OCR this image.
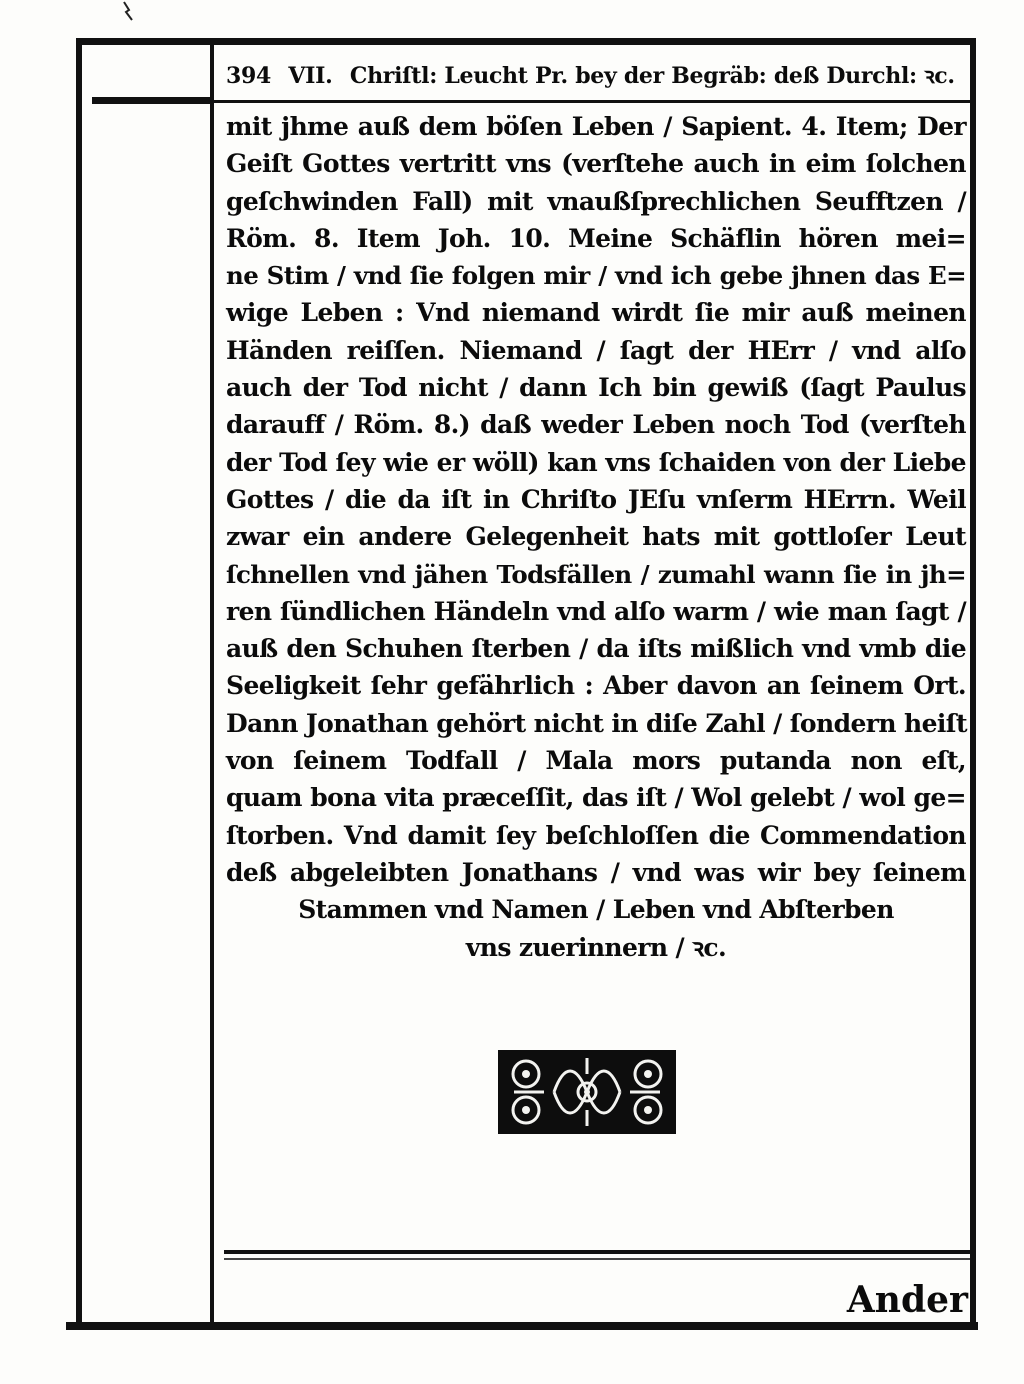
394 VII. Chriſtl: Leucht Pr. bey der Begräb: deß Durchl: ꝛc.
mit jhme auß dem böſen Leben / Sapient. 4. Item; Der
Geiſt Gottes vertritt vns (verſtehe auch in eim ſolchen
geſchwinden Fall) mit vnaußſprechlichen Seufftzen /
Röm. 8. Item Joh. 10. Meine Schäflin hören mei=
ne Stim / vnd ſie folgen mir / vnd ich gebe jhnen das E=
wige Leben : Vnd niemand wirdt ſie mir auß meinen
Händen reiſſen. Niemand / ſagt der HErr / vnd alſo
auch der Tod nicht / dann Ich bin gewiß (ſagt Paulus
darauff / Röm. 8.) daß weder Leben noch Tod (verſteh
der Tod ſey wie er wöll) kan vns ſchaiden von der Liebe
Gottes / die da iſt in Chriſto JEſu vnſerm HErrn. Weil
zwar ein andere Gelegenheit hats mit gottloſer Leut
ſchnellen vnd jähen Todsfällen / zumahl wann ſie in jh=
ren ſündlichen Händeln vnd alſo warm / wie man ſagt /
auß den Schuhen ſterben / da iſts mißlich vnd vmb die
Seeligkeit ſehr gefährlich : Aber davon an ſeinem Ort.
Dann Jonathan gehört nicht in diſe Zahl / ſondern heiſt
von ſeinem Todfall / Mala mors putanda non eſt,
quam bona vita præceſſit, das iſt / Wol gelebt / wol ge=
ſtorben. Vnd damit ſey beſchloſſen die Commendation
deß abgeleibten Jonathans / vnd was wir bey ſeinem
Stammen vnd Namen / Leben vnd Abſterben
vns zuerinnern / ꝛc.
Ander
